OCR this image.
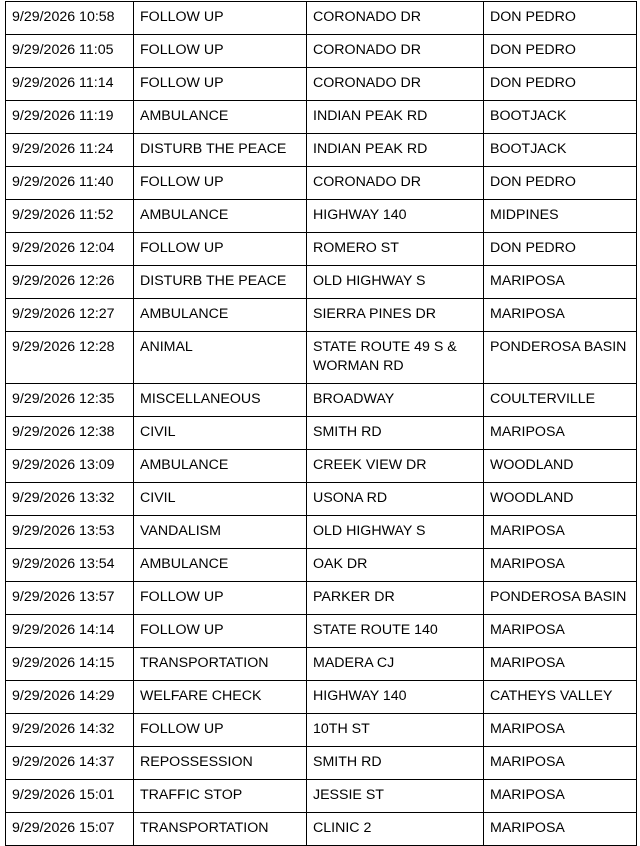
9/29/2026 10:58	FOLLOW UP	CORONADO DR	DON PEDRO
9/29/2026 11:05	FOLLOW UP	CORONADO DR	DON PEDRO
9/29/2026 11:14	FOLLOW UP	CORONADO DR	DON PEDRO
9/29/2026 11:19	AMBULANCE	INDIAN PEAK RD	BOOTJACK
9/29/2026 11:24	DISTURB THE PEACE	INDIAN PEAK RD	BOOTJACK
9/29/2026 11:40	FOLLOW UP	CORONADO DR	DON PEDRO
9/29/2026 11:52	AMBULANCE	HIGHWAY 140	MIDPINES
9/29/2026 12:04	FOLLOW UP	ROMERO ST	DON PEDRO
9/29/2026 12:26	DISTURB THE PEACE	OLD HIGHWAY S	MARIPOSA
9/29/2026 12:27	AMBULANCE	SIERRA PINES DR	MARIPOSA
9/29/2026 12:28	ANIMAL	STATE ROUTE 49 S & WORMAN RD	PONDEROSA BASIN
9/29/2026 12:35	MISCELLANEOUS	BROADWAY	COULTERVILLE
9/29/2026 12:38	CIVIL	SMITH RD	MARIPOSA
9/29/2026 13:09	AMBULANCE	CREEK VIEW DR	WOODLAND
9/29/2026 13:32	CIVIL	USONA RD	WOODLAND
9/29/2026 13:53	VANDALISM	OLD HIGHWAY S	MARIPOSA
9/29/2026 13:54	AMBULANCE	OAK DR	MARIPOSA
9/29/2026 13:57	FOLLOW UP	PARKER DR	PONDEROSA BASIN
9/29/2026 14:14	FOLLOW UP	STATE ROUTE 140	MARIPOSA
9/29/2026 14:15	TRANSPORTATION	MADERA CJ	MARIPOSA
9/29/2026 14:29	WELFARE CHECK	HIGHWAY 140	CATHEYS VALLEY
9/29/2026 14:32	FOLLOW UP	10TH ST	MARIPOSA
9/29/2026 14:37	REPOSSESSION	SMITH RD	MARIPOSA
9/29/2026 15:01	TRAFFIC STOP	JESSIE ST	MARIPOSA
9/29/2026 15:07	TRANSPORTATION	CLINIC 2	MARIPOSA
